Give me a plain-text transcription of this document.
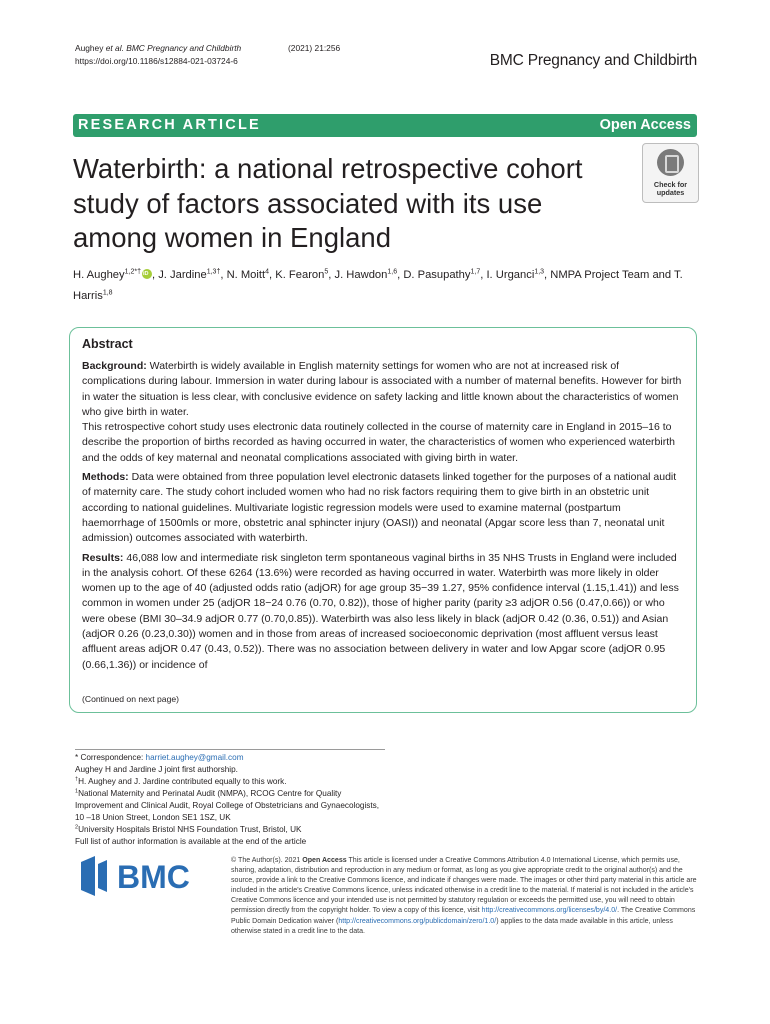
Aughey et al. BMC Pregnancy and Childbirth	(2021) 21:256
https://doi.org/10.1186/s12884-021-03724-6	BMC Pregnancy and Childbirth
RESEARCH ARTICLE	Open Access
Waterbirth: a national retrospective cohort study of factors associated with its use among women in England
Check for
updates
H. Aughey$^{1,2*\dagger}$iD , J. Jardine$^{1,3\dagger}$, N. Moitt$^4$, K. Fearon$^5$, J. Hawdon$^{1,6}$, D. Pasupathy$^{1,7}$, I. Urganci$^{1,3}$, NMPA Project Team and T. Harris$^{1,8}$
Abstract

Background: Waterbirth is widely available in English maternity settings for women who are not at increased risk of complications during labour. Immersion in water during labour is associated with a number of maternal benefits. However for birth in water the situation is less clear, with conclusive evidence on safety lacking and little known about the characteristics of women who give birth in water.
This retrospective cohort study uses electronic data routinely collected in the course of maternity care in England in 2015–16 to describe the proportion of births recorded as having occurred in water, the characteristics of women who experienced waterbirth and the odds of key maternal and neonatal complications associated with giving birth in water.

Methods: Data were obtained from three population level electronic datasets linked together for the purposes of a national audit of maternity care. The study cohort included women who had no risk factors requiring them to give birth in an obstetric unit according to national guidelines. Multivariate logistic regression models were used to examine maternal (postpartum haemorrhage of 1500mls or more, obstetric anal sphincter injury (OASI)) and neonatal (Apgar score less than 7, neonatal unit admission) outcomes associated with waterbirth.

Results: 46,088 low and intermediate risk singleton term spontaneous vaginal births in 35 NHS Trusts in England were included in the analysis cohort. Of these 6264 (13.6%) were recorded as having occurred in water. Waterbirth was more likely in older women up to the age of 40 (adjusted odds ratio (adjOR) for age group 35−39 1.27, 95% confidence interval (1.15,1.41)) and less common in women under 25 (adjOR 18−24 0.76 (0.70, 0.82)), those of higher parity (parity ≥3 adjOR 0.56 (0.47,0.66)) or who were obese (BMI 30–34.9 adjOR 0.77 (0.70,0.85)). Waterbirth was also less likely in black (adjOR 0.42 (0.36, 0.51)) and Asian (adjOR 0.26 (0.23,0.30)) women and in those from areas of increased socioeconomic deprivation (most affluent versus least affluent areas adjOR 0.47 (0.43, 0.52)). There was no association between delivery in water and low Apgar score (adjOR 0.95 (0.66,1.36)) or incidence of

(Continued on next page)
* Correspondence: harriet.aughey@gmail.com
Aughey H and Jardine J joint first authorship.
†H. Aughey and J. Jardine contributed equally to this work.
$^1$National Maternity and Perinatal Audit (NMPA), RCOG Centre for Quality Improvement and Clinical Audit, Royal College of Obstetricians and Gynaecologists, 10 –18 Union Street, London SE1 1SZ, UK
$^2$University Hospitals Bristol NHS Foundation Trust, Bristol, UK
Full list of author information is available at the end of the article
BMC	© The Author(s). 2021 Open Access This article is licensed under a Creative Commons Attribution 4.0 International License, which permits use, sharing, adaptation, distribution and reproduction in any medium or format, as long as you give appropriate credit to the original author(s) and the source, provide a link to the Creative Commons licence, and indicate if changes were made. The images or other third party material in this article are included in the article's Creative Commons licence, unless indicated otherwise in a credit line to the material. If material is not included in the article's Creative Commons licence and your intended use is not permitted by statutory regulation or exceeds the permitted use, you will need to obtain permission directly from the copyright holder. To view a copy of this licence, visit http://creativecommons.org/licenses/by/4.0/. The Creative Commons Public Domain Dedication waiver (http://creativecommons.org/publicdomain/zero/1.0/) applies to the data made available in this article, unless otherwise stated in a credit line to the data.
